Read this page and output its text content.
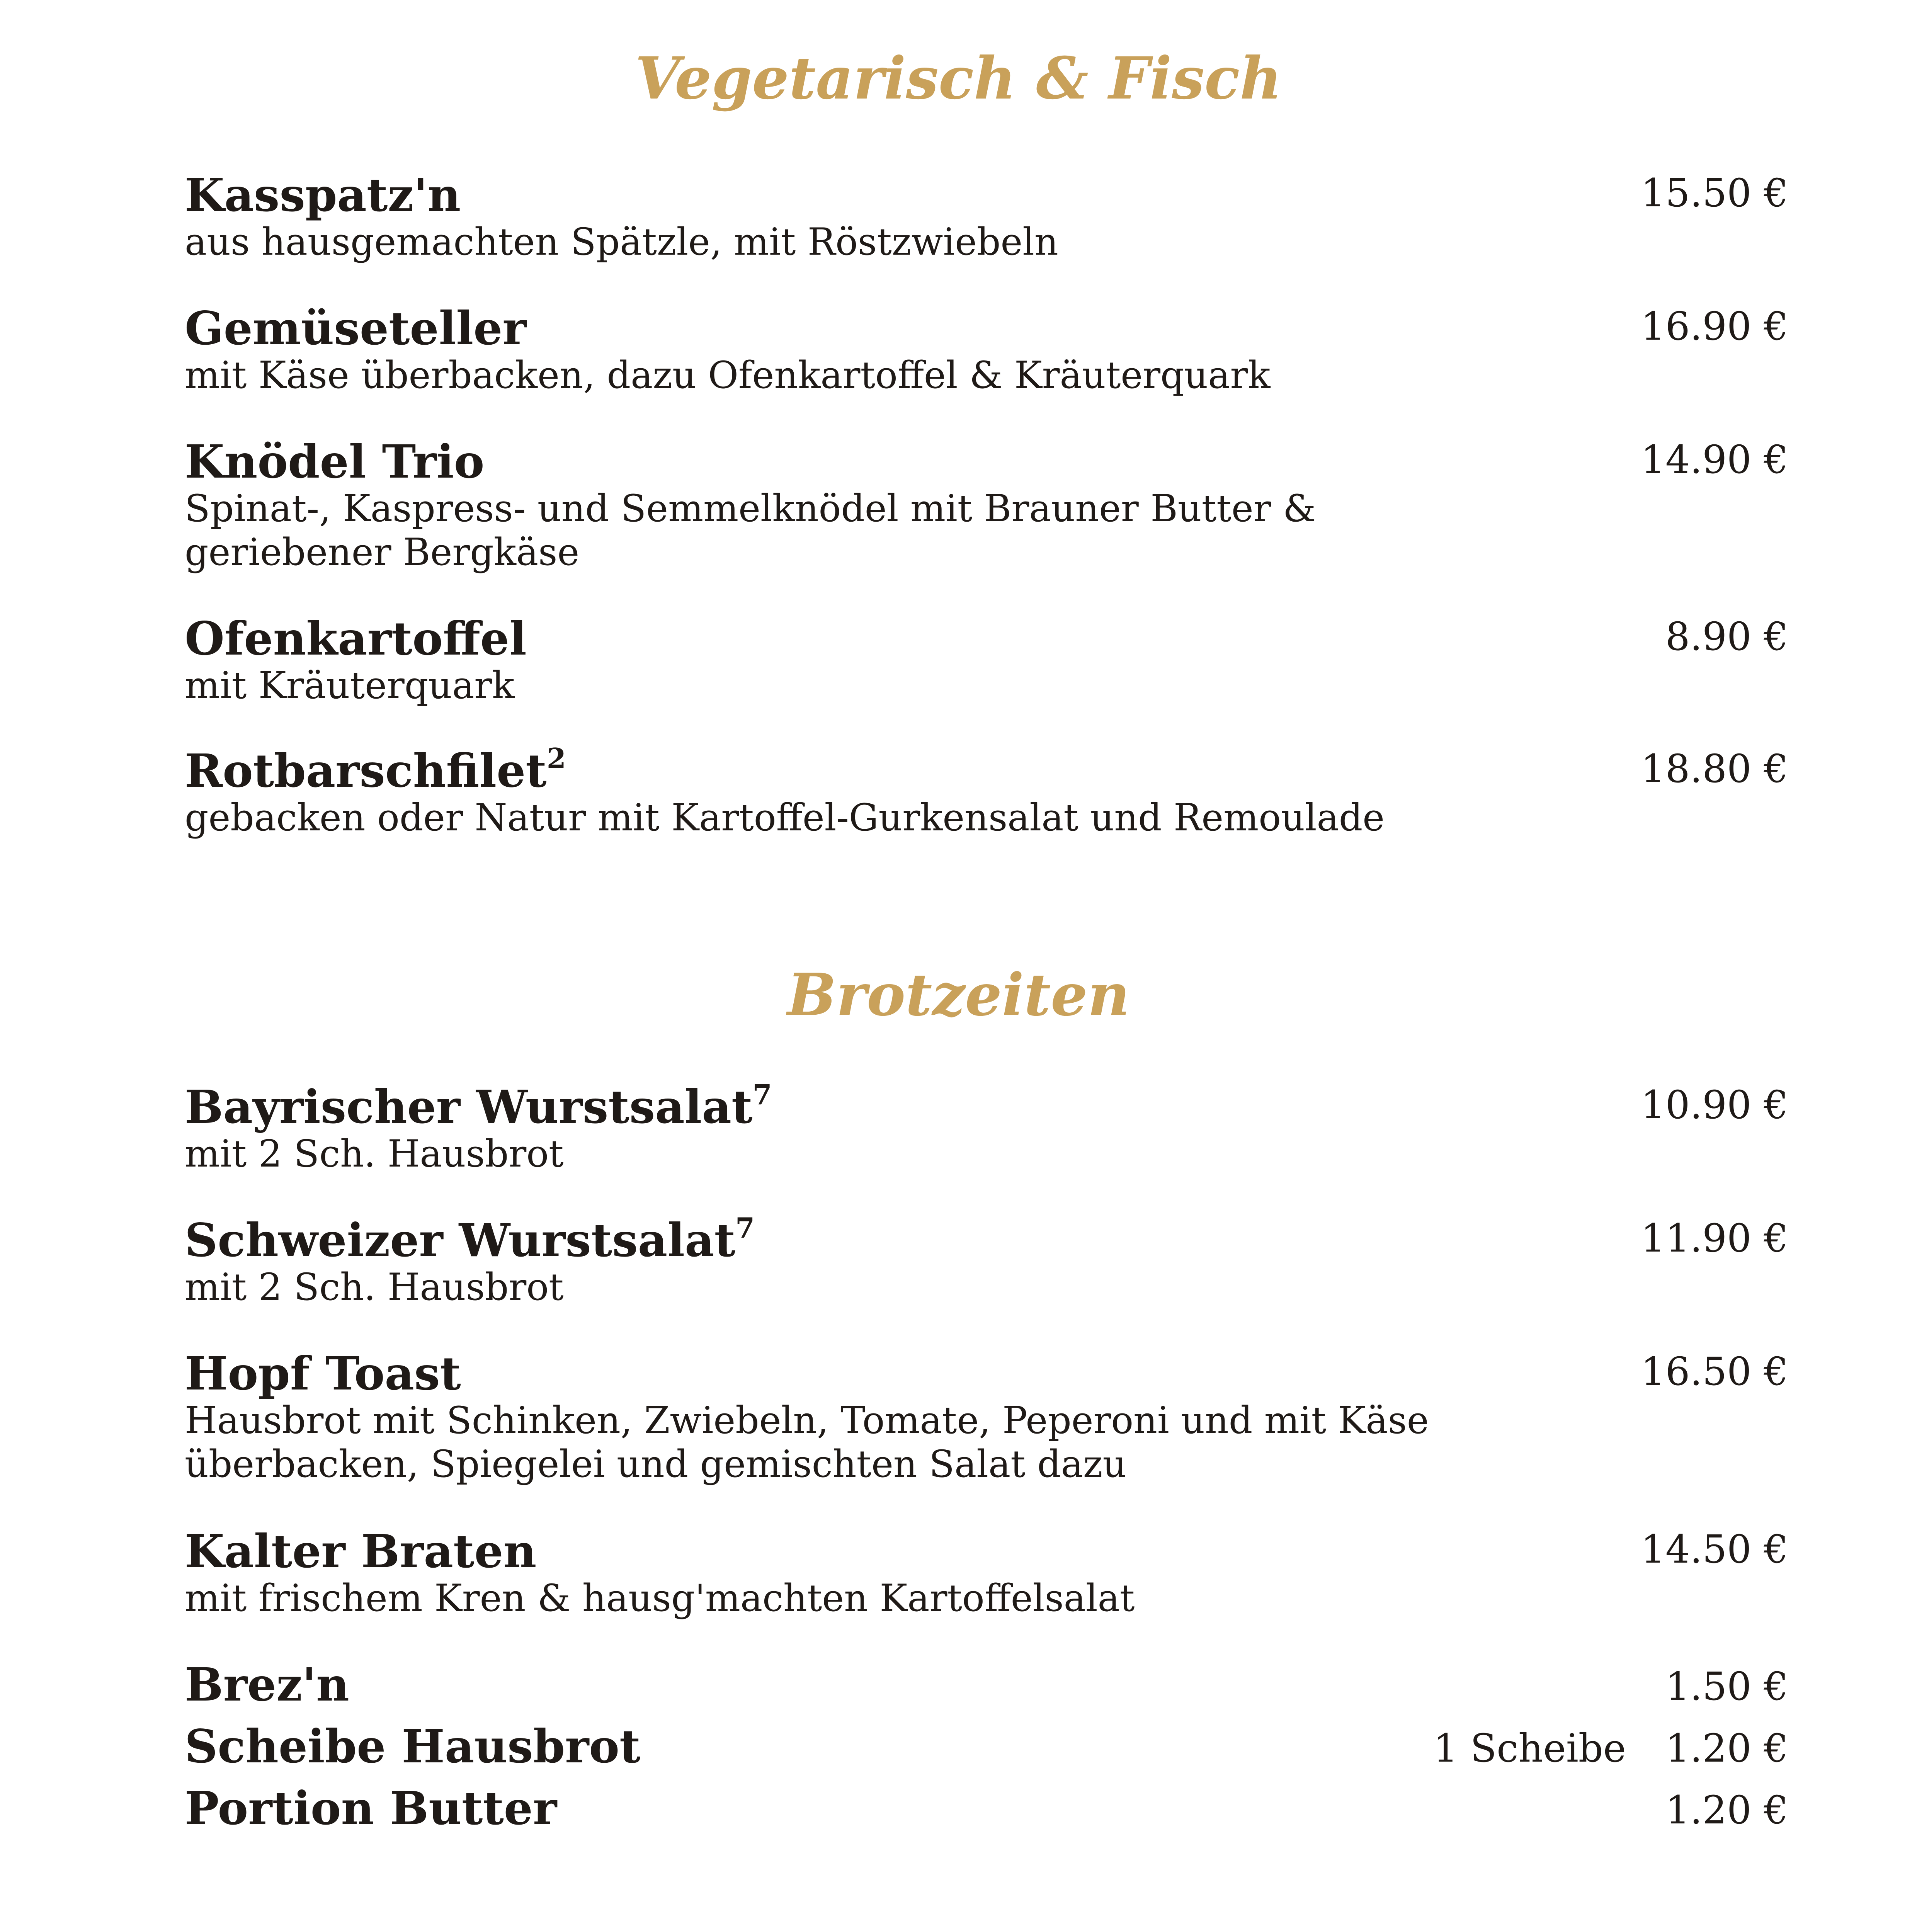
Vegetarisch & Fisch
Kasspatz'n
aus hausgemachten Spätzle, mit Röstzwiebeln
15.50 €
Gemüseteller
mit Käse überbacken, dazu Ofenkartoffel & Kräuterquark
16.90 €
Knödel Trio
Spinat-, Kaspress- und Semmelknödel mit Brauner Butter & geriebener Bergkäse
14.90 €
Ofenkartoffel
mit Kräuterquark
8.90 €
Rotbarschfilet$^2$
gebacken oder Natur mit Kartoffel-Gurkensalat und Remoulade
18.80 €
Brotzeiten
Bayrischer Wurstsalat$^7$
mit 2 Sch. Hausbrot
10.90 €
Schweizer Wurstsalat$^7$
mit 2 Sch. Hausbrot
11.90 €
Hopf Toast
Hausbrot mit Schinken, Zwiebeln, Tomate, Peperoni und mit Käse überbacken, Spiegelei und gemischten Salat dazu
16.50 €
Kalter Braten
mit frischem Kren & hausg'machten Kartoffelsalat
14.50 €
Brez'n	1.50 €
Scheibe Hausbrot	1 Scheibe 1.20 €
Portion Butter	1.20 €
